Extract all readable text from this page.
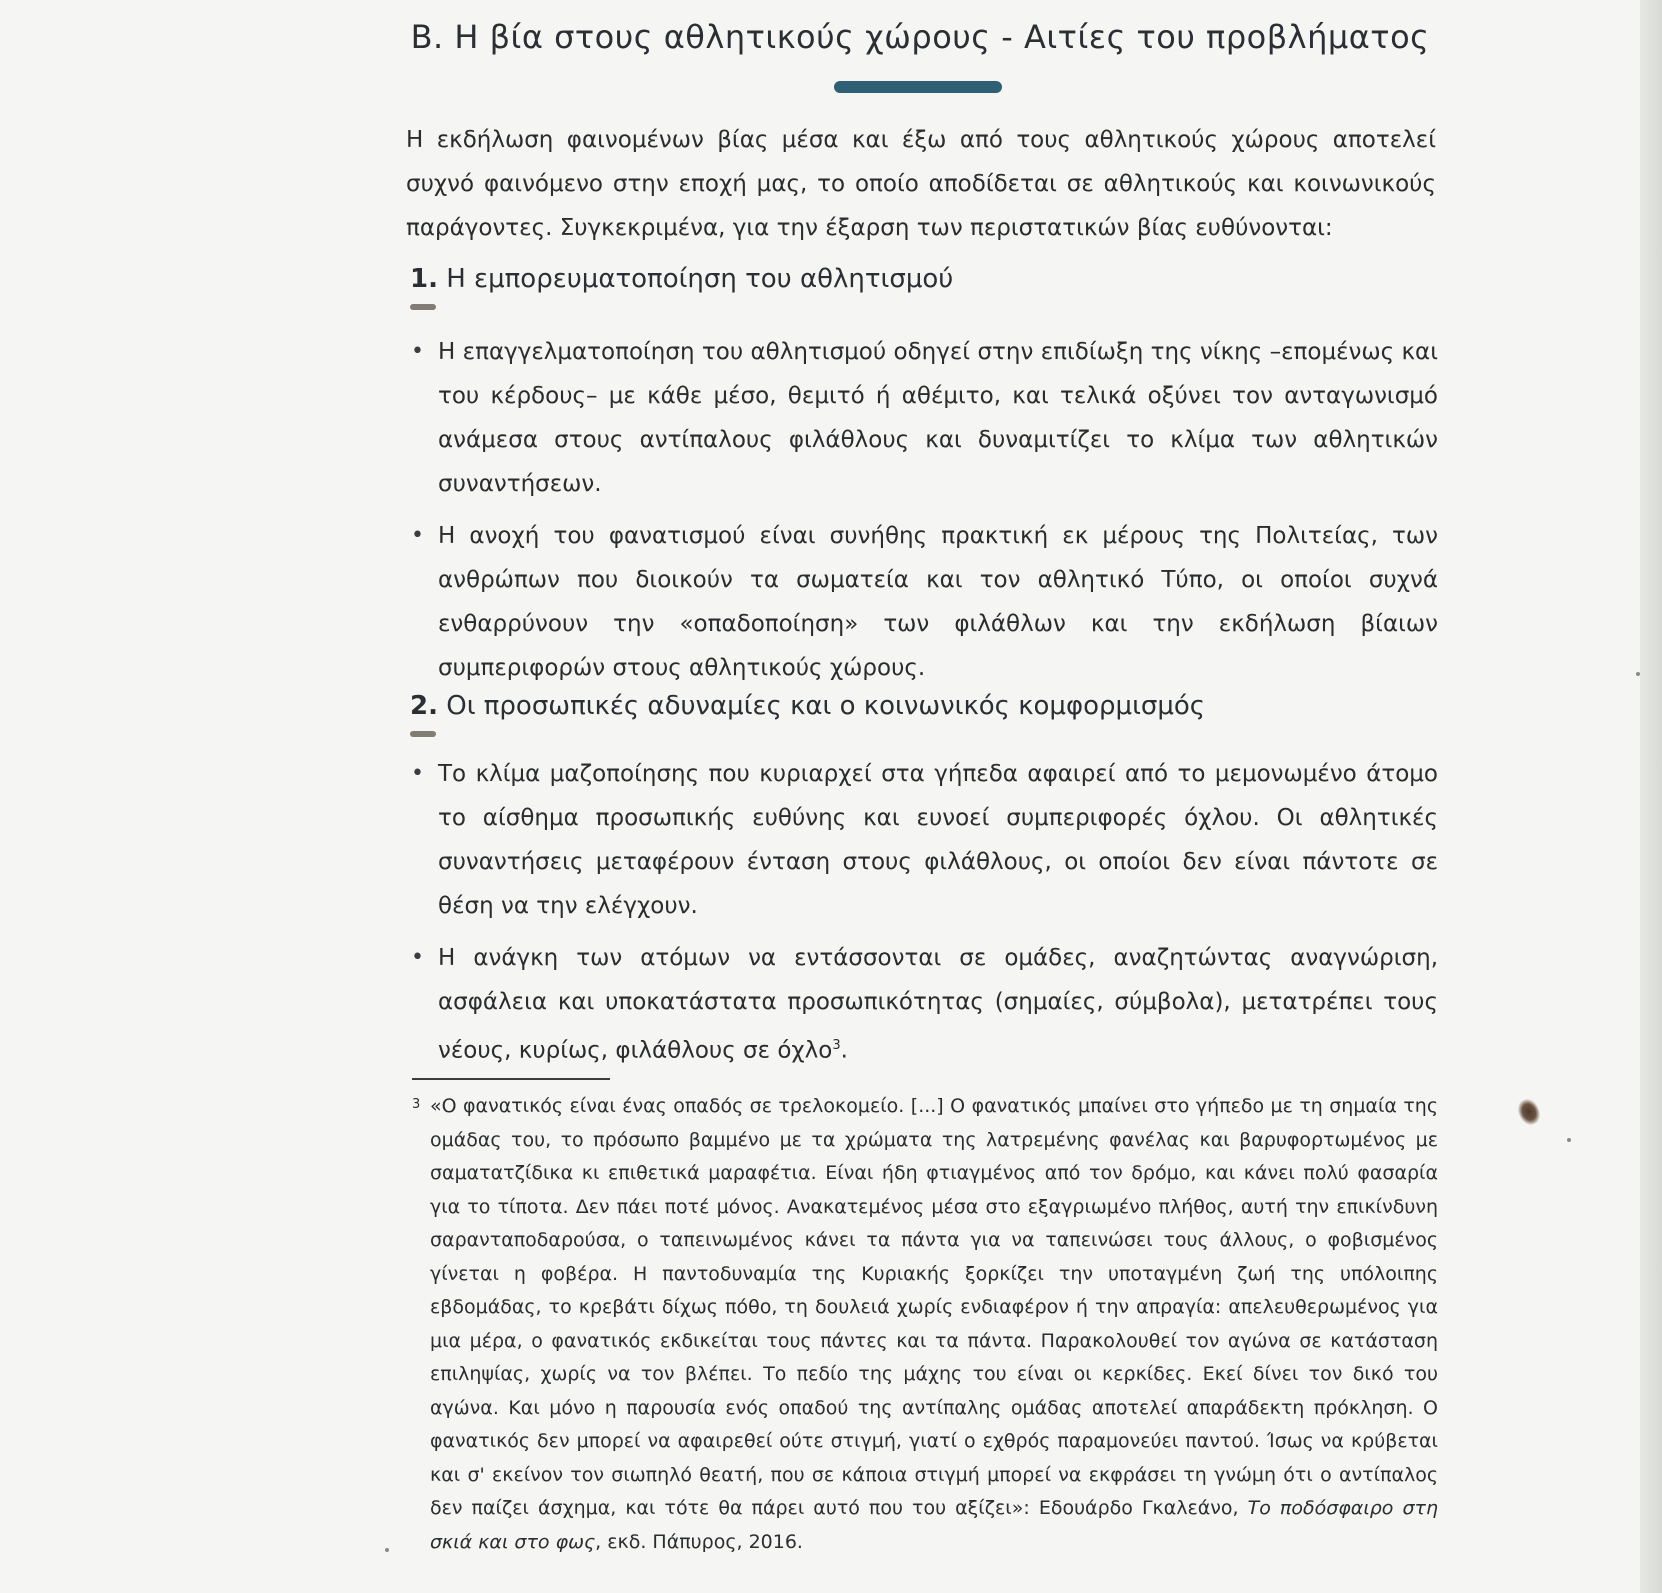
Β. Η βία στους αθλητικούς χώρους - Αιτίες του προβλήματος
Η εκδήλωση φαινομένων βίας μέσα και έξω από τους αθλητικούς χώρους αποτελεί συχνό φαινόμενο στην εποχή μας, το οποίο αποδίδεται σε αθλητικούς και κοινωνικούς παράγοντες. Συγκεκριμένα, για την έξαρση των περιστατικών βίας ευθύνονται:
1. Η εμπορευματοποίηση του αθλητισμού
• Η επαγγελματοποίηση του αθλητισμού οδηγεί στην επιδίωξη της νίκης –επομένως και του κέρδους– με κάθε μέσο, θεμιτό ή αθέμιτο, και τελικά οξύνει τον ανταγωνισμό ανάμεσα στους αντίπαλους φιλάθλους και δυναμιτίζει το κλίμα των αθλητικών συναντήσεων.
• Η ανοχή του φανατισμού είναι συνήθης πρακτική εκ μέρους της Πολιτείας, των ανθρώπων που διοικούν τα σωματεία και τον αθλητικό Τύπο, οι οποίοι συχνά ενθαρρύνουν την «οπαδοποίηση» των φιλάθλων και την εκδήλωση βίαιων συμπεριφορών στους αθλητικούς χώρους.
2. Οι προσωπικές αδυναμίες και ο κοινωνικός κομφορμισμός
• Το κλίμα μαζοποίησης που κυριαρχεί στα γήπεδα αφαιρεί από το μεμονωμένο άτομο το αίσθημα προσωπικής ευθύνης και ευνοεί συμπεριφορές όχλου. Οι αθλητικές συναντήσεις μεταφέρουν ένταση στους φιλάθλους, οι οποίοι δεν είναι πάντοτε σε θέση να την ελέγχουν.
• Η ανάγκη των ατόμων να εντάσσονται σε ομάδες, αναζητώντας αναγνώριση, ασφάλεια και υποκατάστατα προσωπικότητας (σημαίες, σύμβολα), μετατρέπει τους νέους, κυρίως, φιλάθλους σε όχλο$^3$.
3 «Ο φανατικός είναι ένας οπαδός σε τρελοκομείο. [...] Ο φανατικός μπαίνει στο γήπεδο με τη σημαία της ομάδας του, το πρόσωπο βαμμένο με τα χρώματα της λατρεμένης φανέλας και βαρυφορτωμένος με σαματατζίδικα κι επιθετικά μαραφέτια. Είναι ήδη φτιαγμένος από τον δρόμο, και κάνει πολύ φασαρία για το τίποτα. Δεν πάει ποτέ μόνος. Ανακατεμένος μέσα στο εξαγριωμένο πλήθος, αυτή την επικίνδυνη σαρανταποδαρούσα, ο ταπεινωμένος κάνει τα πάντα για να ταπεινώσει τους άλλους, ο φοβισμένος γίνεται η φοβέρα. Η παντοδυναμία της Κυριακής ξορκίζει την υποταγμένη ζωή της υπόλοιπης εβδομάδας, το κρεβάτι δίχως πόθο, τη δουλειά χωρίς ενδιαφέρον ή την απραγία: απελευθερωμένος για μια μέρα, ο φανατικός εκδικείται τους πάντες και τα πάντα. Παρακολουθεί τον αγώνα σε κατάσταση επιληψίας, χωρίς να τον βλέπει. Το πεδίο της μάχης του είναι οι κερκίδες. Εκεί δίνει τον δικό του αγώνα. Και μόνο η παρουσία ενός οπαδού της αντίπαλης ομάδας αποτελεί απαράδεκτη πρόκληση. Ο φανατικός δεν μπορεί να αφαιρεθεί ούτε στιγμή, γιατί ο εχθρός παραμονεύει παντού. Ίσως να κρύβεται και σ' εκείνον τον σιωπηλό θεατή, που σε κάποια στιγμή μπορεί να εκφράσει τη γνώμη ότι ο αντίπαλος δεν παίζει άσχημα, και τότε θα πάρει αυτό που του αξίζει»: Εδουάρδο Γκαλεάνο, Το ποδόσφαιρο στη σκιά και στο φως, εκδ. Πάπυρος, 2016.
